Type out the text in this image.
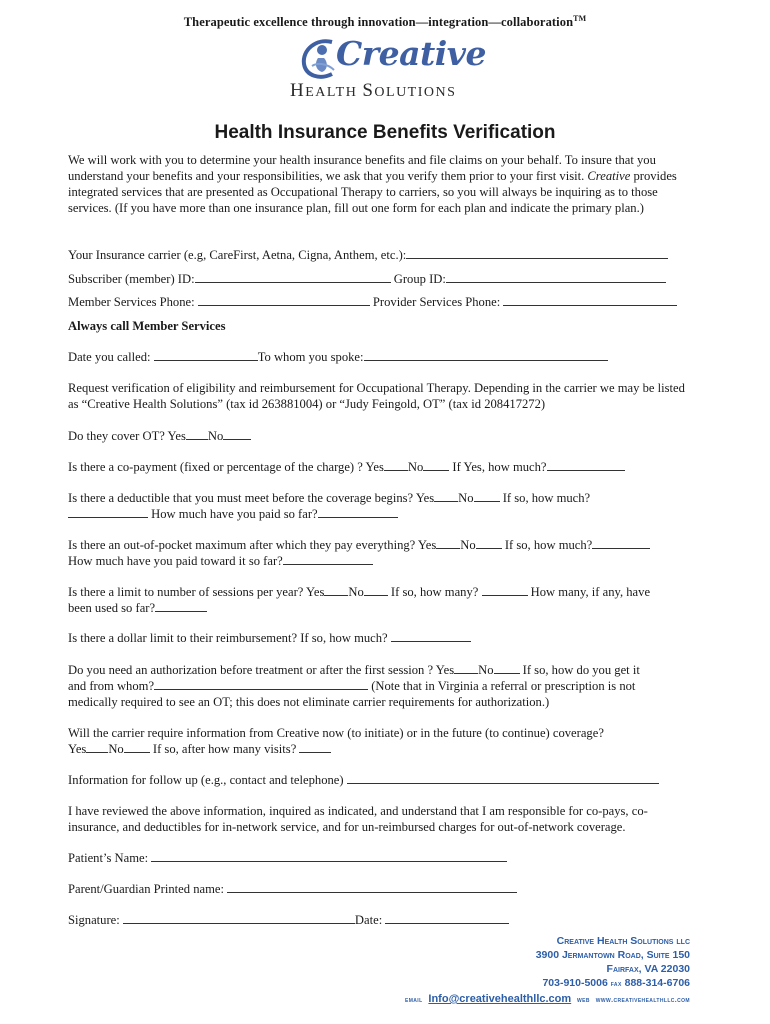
Therapeutic excellence through innovation—integration—collaboration™
Creative
HEALTH SOLUTIONS
Health Insurance Benefits Verification

We will work with you to determine your health insurance benefits and file claims on your behalf. To insure that you understand your benefits and your responsibilities, we ask that you verify them prior to your first visit. Creative provides integrated services that are presented as Occupational Therapy to carriers, so you will always be inquiring as to those services. (If you have more than one insurance plan, fill out one form for each plan and indicate the primary plan.)

Your Insurance carrier (e.g, CareFirst, Aetna, Cigna, Anthem, etc.):
Subscriber (member) ID:	Group ID:
Member Services Phone:	Provider Services Phone:
Always call Member Services
Date you called:	To whom you spoke:
Request verification of eligibility and reimbursement for Occupational Therapy. Depending in the carrier we may be listed as “Creative Health Solutions” (tax id 263881004) or “Judy Feingold, OT” (tax id 208417272)
Do they cover OT? Yes No
Is there a co-payment (fixed or percentage of the charge) ? Yes No If Yes, how much?
Is there a deductible that you must meet before the coverage begins? Yes No If so, how much?
How much have you paid so far?
Is there an out-of-pocket maximum after which they pay everything? Yes No If so, how much?
How much have you paid toward it so far?
Is there a limit to number of sessions per year? Yes No If so, how many?	How many, if any, have
been used so far?
Is there a dollar limit to their reimbursement? If so, how much?
Do you need an authorization before treatment or after the first session ? Yes No If so, how do you get it
and from whom?	(Note that in Virginia a referral or prescription is not
medically required to see an OT; this does not eliminate carrier requirements for authorization.)
Will the carrier require information from Creative now (to initiate) or in the future (to continue) coverage?
Yes No If so, after how many visits?
Information for follow up (e.g., contact and telephone)
I have reviewed the above information, inquired as indicated, and understand that I am responsible for co-pays, co-insurance, and deductibles for in-network service, and for un-reimbursed charges for out-of-network coverage.
Patient’s Name:
Parent/Guardian Printed name:
Signature:	Date:
Creative Health Solutions llc
3900 Jermantown Road, Suite 150
Fairfax, VA 22030
703-910-5006 fax 888-314-6706
email Info@creativehealthllc.com web www.creativehealthllc.com
